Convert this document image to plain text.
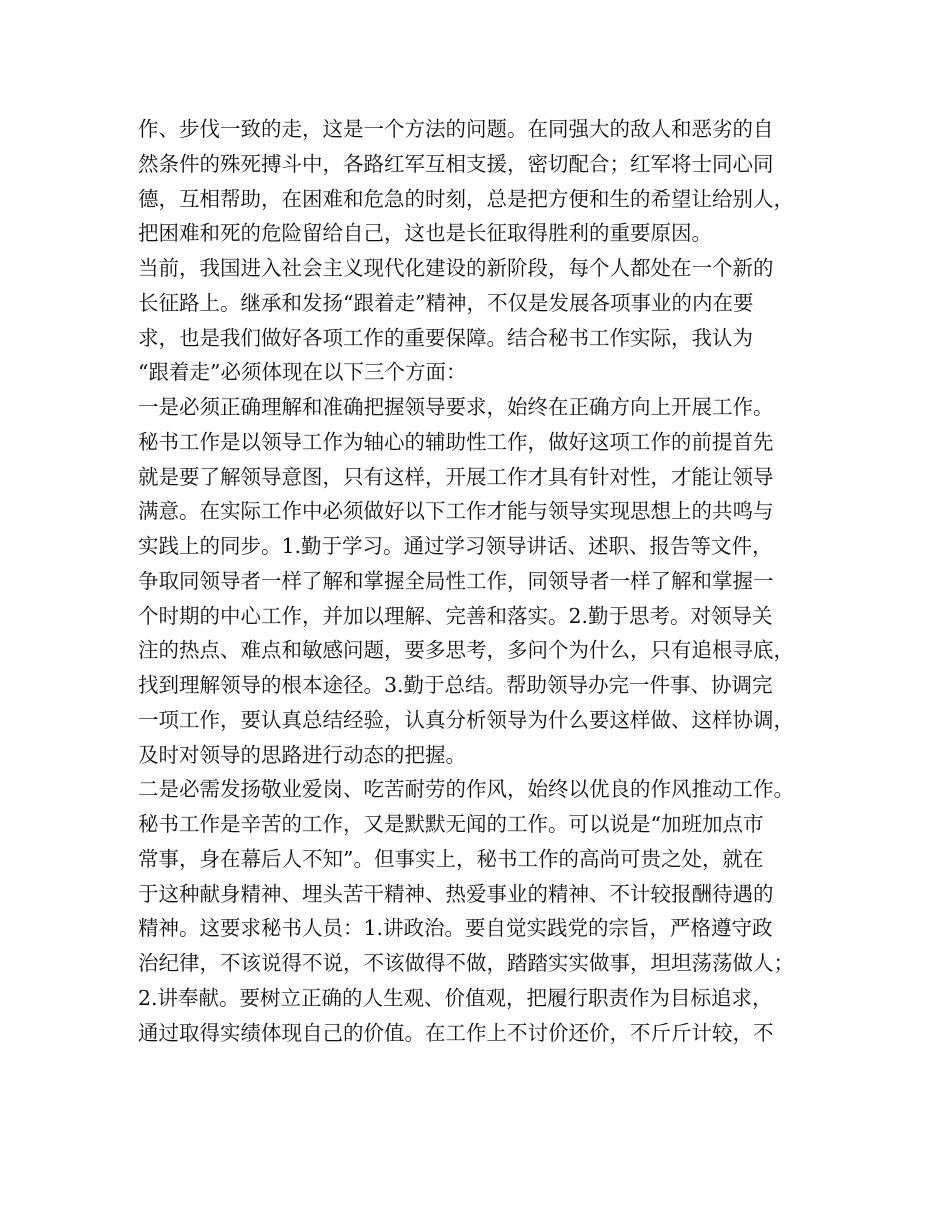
作、步伐一致的走，这是一个方法的问题。在同强大的敌人和恶劣的自
然条件的殊死搏斗中，各路红军互相支援，密切配合；红军将士同心同
德，互相帮助，在困难和危急的时刻，总是把方便和生的希望让给别人，
把困难和死的危险留给自己，这也是长征取得胜利的重要原因。
当前，我国进入社会主义现代化建设的新阶段，每个人都处在一个新的
长征路上。继承和发扬“跟着走”精神，不仅是发展各项事业的内在要
求，也是我们做好各项工作的重要保障。结合秘书工作实际，我认为
“跟着走”必须体现在以下三个方面：
一是必须正确理解和准确把握领导要求，始终在正确方向上开展工作。
秘书工作是以领导工作为轴心的辅助性工作，做好这项工作的前提首先
就是要了解领导意图，只有这样，开展工作才具有针对性，才能让领导
满意。在实际工作中必须做好以下工作才能与领导实现思想上的共鸣与
实践上的同步。1.勤于学习。通过学习领导讲话、述职、报告等文件，
争取同领导者一样了解和掌握全局性工作，同领导者一样了解和掌握一
个时期的中心工作，并加以理解、完善和落实。2.勤于思考。对领导关
注的热点、难点和敏感问题，要多思考，多问个为什么，只有追根寻底，
找到理解领导的根本途径。3.勤于总结。帮助领导办完一件事、协调完
一项工作，要认真总结经验，认真分析领导为什么要这样做、这样协调，
及时对领导的思路进行动态的把握。
二是必需发扬敬业爱岗、吃苦耐劳的作风，始终以优良的作风推动工作。
秘书工作是辛苦的工作，又是默默无闻的工作。可以说是“加班加点市
常事，身在幕后人不知”。但事实上，秘书工作的高尚可贵之处，就在
于这种献身精神、埋头苦干精神、热爱事业的精神、不计较报酬待遇的
精神。这要求秘书人员：1.讲政治。要自觉实践党的宗旨，严格遵守政
治纪律，不该说得不说，不该做得不做，踏踏实实做事，坦坦荡荡做人；
2.讲奉献。要树立正确的人生观、价值观，把履行职责作为目标追求，
通过取得实绩体现自己的价值。在工作上不讨价还价，不斤斤计较，不
